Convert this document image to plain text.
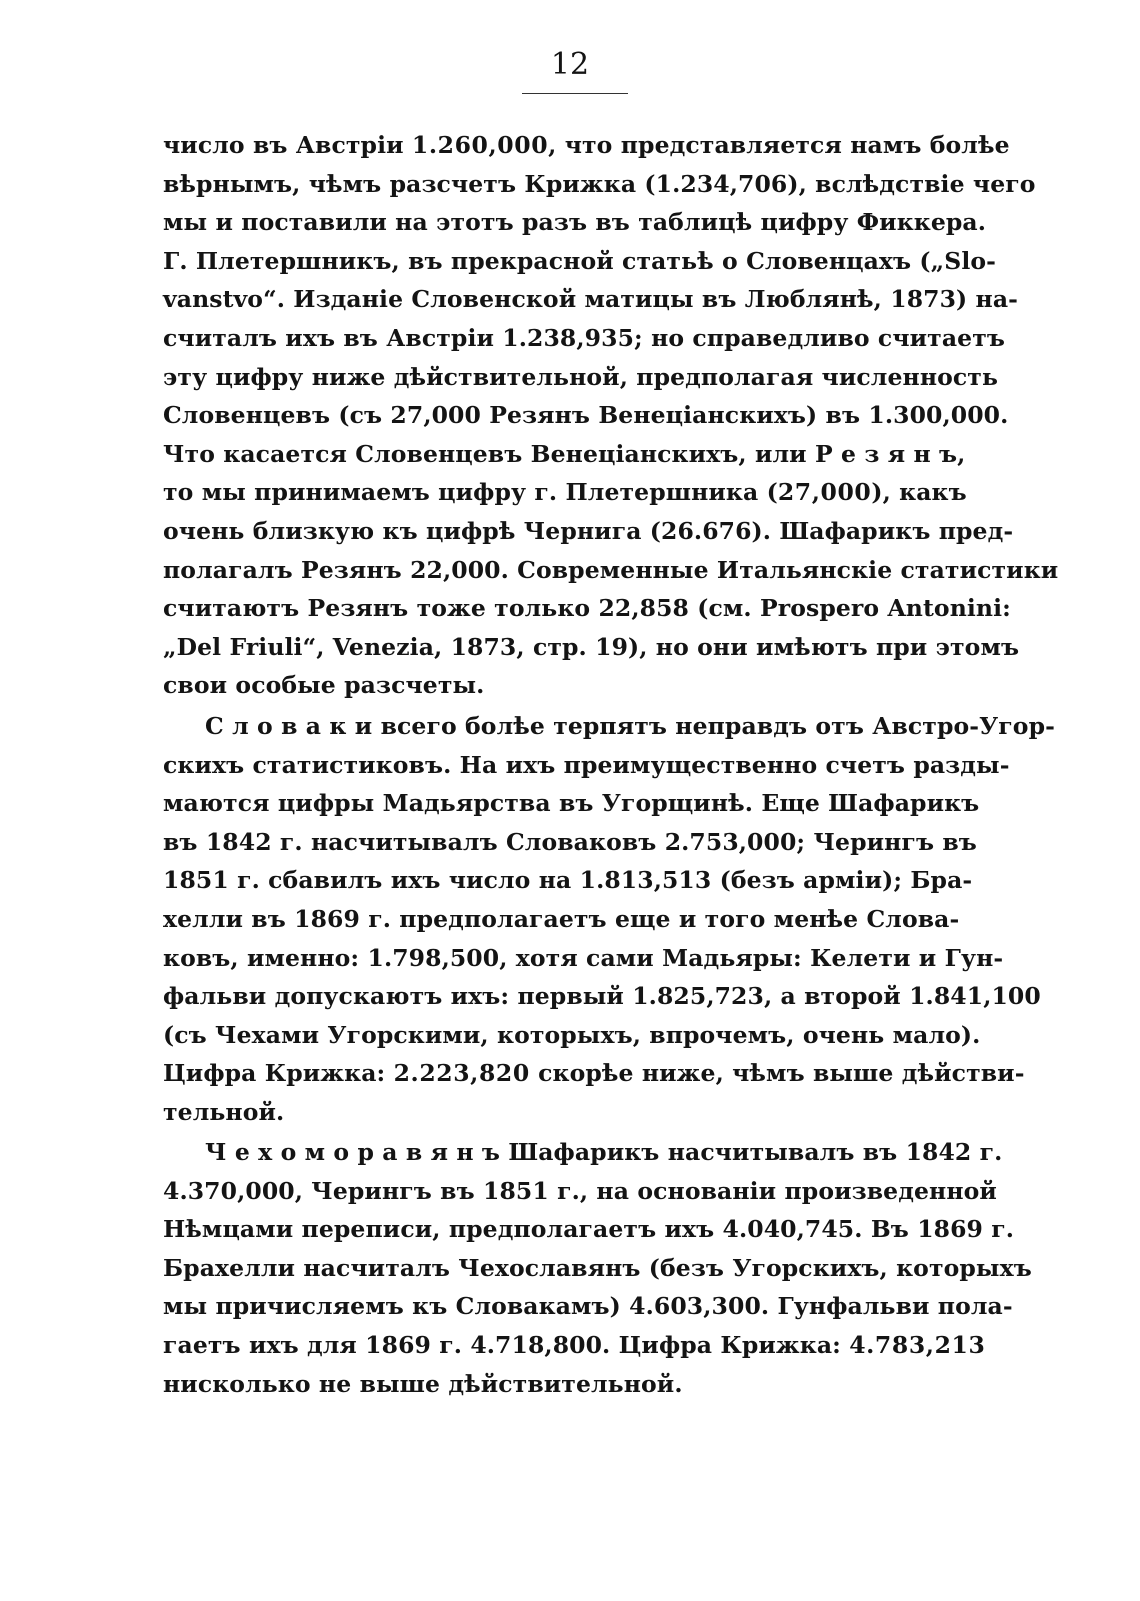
12
число въ Австріи 1.260,000, что представляется намъ болѣе
вѣрнымъ, чѣмъ разсчетъ Крижка (1.234,706), вслѣдствіе чего
мы и поставили на этотъ разъ въ таблицѣ цифру Фиккера.
Г. Плетершникъ, въ прекрасной статьѣ о Словенцахъ („Slo-
vanstvo“. Изданіе Словенской матицы въ Люблянѣ, 1873) на-
считалъ ихъ въ Австріи 1.238,935; но справедливо считаетъ
эту цифру ниже дѣйствительной, предполагая численность
Словенцевъ (съ 27,000 Резянъ Венеціанскихъ) въ 1.300,000.
Что касается Словенцевъ Венеціанскихъ, или Р е з я н ъ,
то мы принимаемъ цифру г. Плетершника (27,000), какъ
очень близкую къ цифрѣ Чернига (26.676). Шафарикъ пред-
полагалъ Резянъ 22,000. Современные Итальянскіе статистики
считаютъ Резянъ тоже только 22,858 (см. Prospero Antonini:
„Del Friuli“, Venezia, 1873, стр. 19), но они имѣютъ при этомъ
свои особые разсчеты.
С л о в а к и всего болѣе терпятъ неправдъ отъ Австро-Угор-
скихъ статистиковъ. На ихъ преимущественно счетъ разды-
маются цифры Мадьярства въ Угорщинѣ. Еще Шафарикъ
въ 1842 г. насчитывалъ Словаковъ 2.753,000; Черингъ въ
1851 г. сбавилъ ихъ число на 1.813,513 (безъ арміи); Бра-
хелли въ 1869 г. предполагаетъ еще и того менѣе Слова-
ковъ, именно: 1.798,500, хотя сами Мадьяры: Келети и Гун-
фальви допускаютъ ихъ: первый 1.825,723, а второй 1.841,100
(съ Чехами Угорскими, которыхъ, впрочемъ, очень мало).
Цифра Крижка: 2.223,820 скорѣе ниже, чѣмъ выше дѣйстви-
тельной.
Ч е х о м о р а в я н ъ Шафарикъ насчитывалъ въ 1842 г.
4.370,000, Черингъ въ 1851 г., на основаніи произведенной
Нѣмцами переписи, предполагаетъ ихъ 4.040,745. Въ 1869 г.
Брахелли насчиталъ Чехославянъ (безъ Угорскихъ, которыхъ
мы причисляемъ къ Словакамъ) 4.603,300. Гунфальви пола-
гаетъ ихъ для 1869 г. 4.718,800. Цифра Крижка: 4.783,213
нисколько не выше дѣйствительной.
